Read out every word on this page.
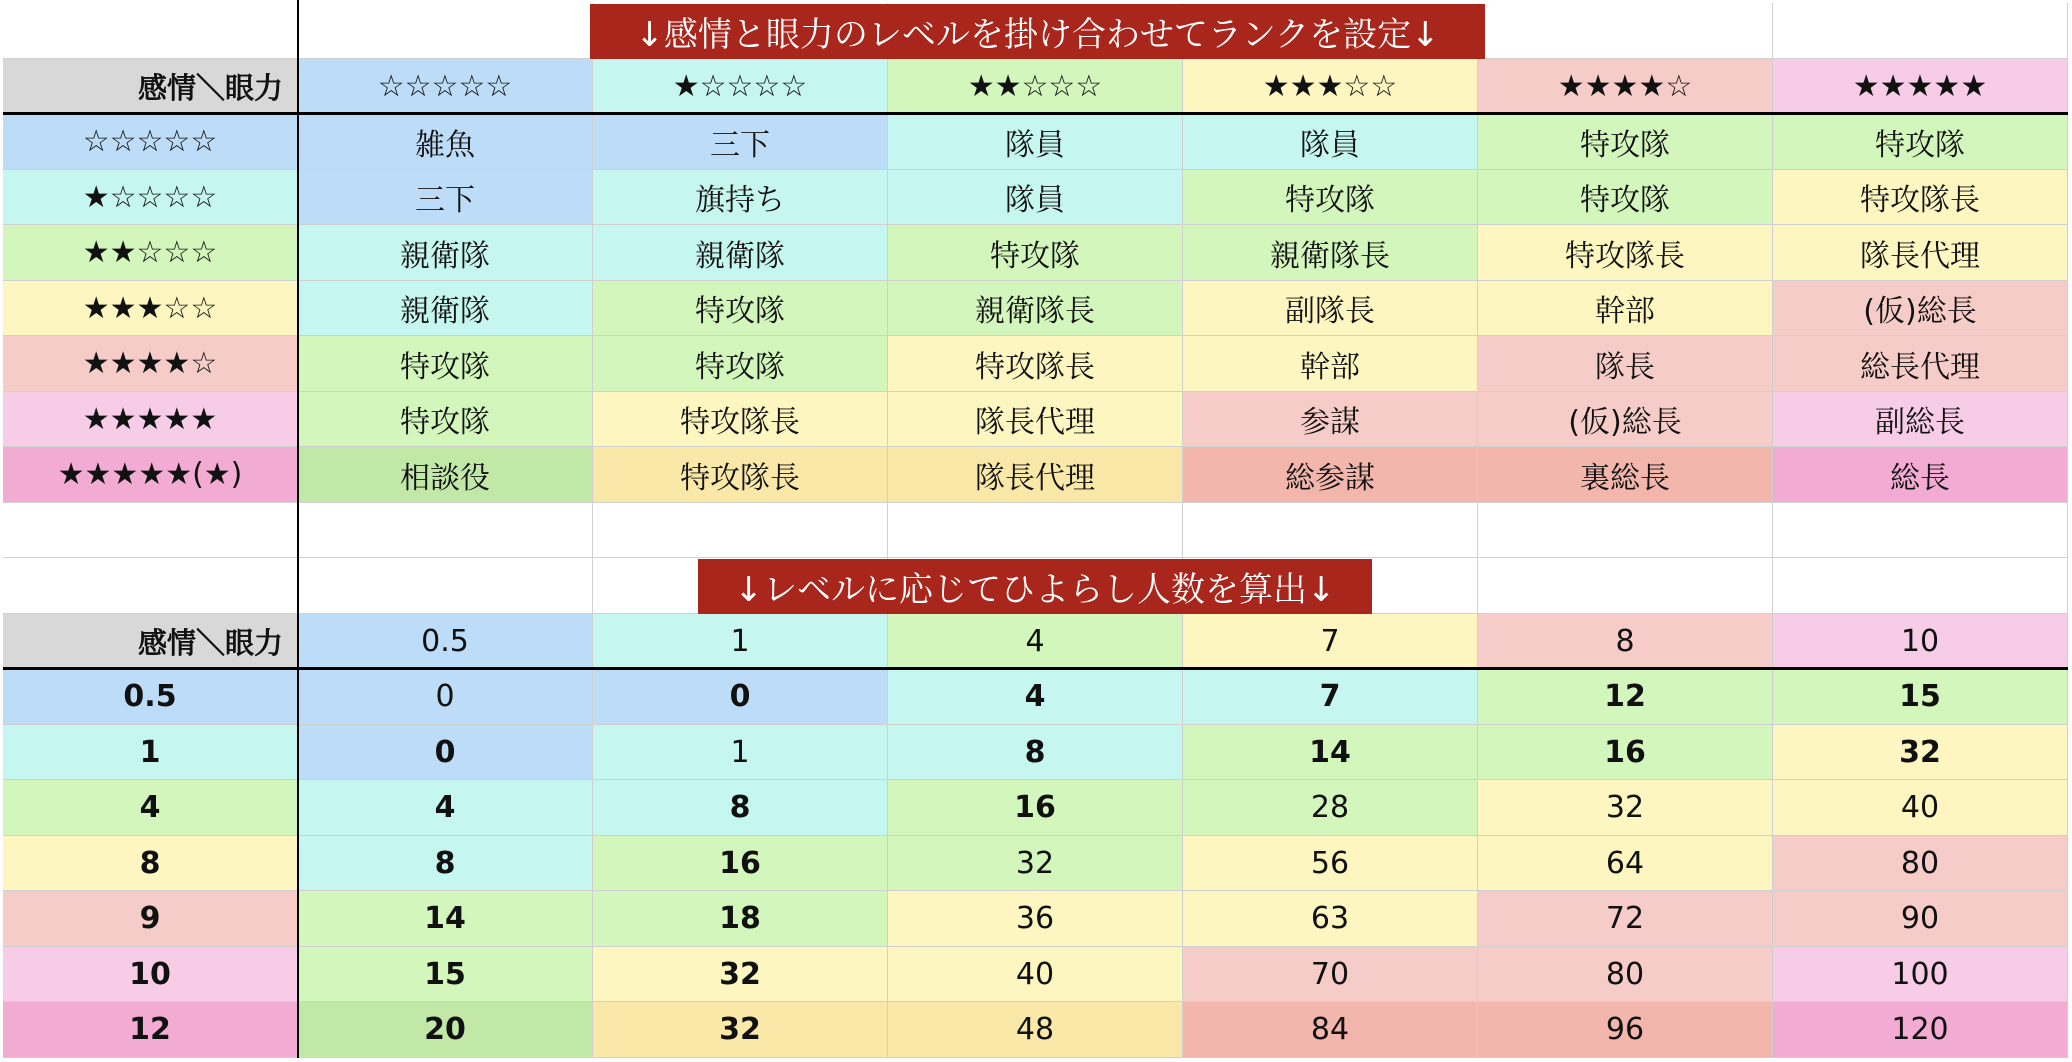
感情＼眼力	☆☆☆☆☆	★☆☆☆☆	★★☆☆☆	★★★☆☆	★★★★☆	★★★★★
☆☆☆☆☆	雑魚	三下	隊員	隊員	特攻隊	特攻隊
★☆☆☆☆	三下	旗持ち	隊員	特攻隊	特攻隊	特攻隊長
★★☆☆☆	親衛隊	親衛隊	特攻隊	親衛隊長	特攻隊長	隊長代理
★★★☆☆	親衛隊	特攻隊	親衛隊長	副隊長	幹部	(仮)総長
★★★★☆	特攻隊	特攻隊	特攻隊長	幹部	隊長	総長代理
★★★★★	特攻隊	特攻隊長	隊長代理	参謀	(仮)総長	副総長
★★★★★(★)	相談役	特攻隊長	隊長代理	総参謀	裏総長	総長
感情＼眼力	0.5	1	4	7	8	10
0.5	0	0	4	7	12	15
1	0	1	8	14	16	32
4	4	8	16	28	32	40
8	8	16	32	56	64	80
9	14	18	36	63	72	90
10	15	32	40	70	80	100
12	20	32	48	84	96	120
↓感情と眼力のレベルを掛け合わせてランクを設定↓
↓レベルに応じてひよらし人数を算出↓
